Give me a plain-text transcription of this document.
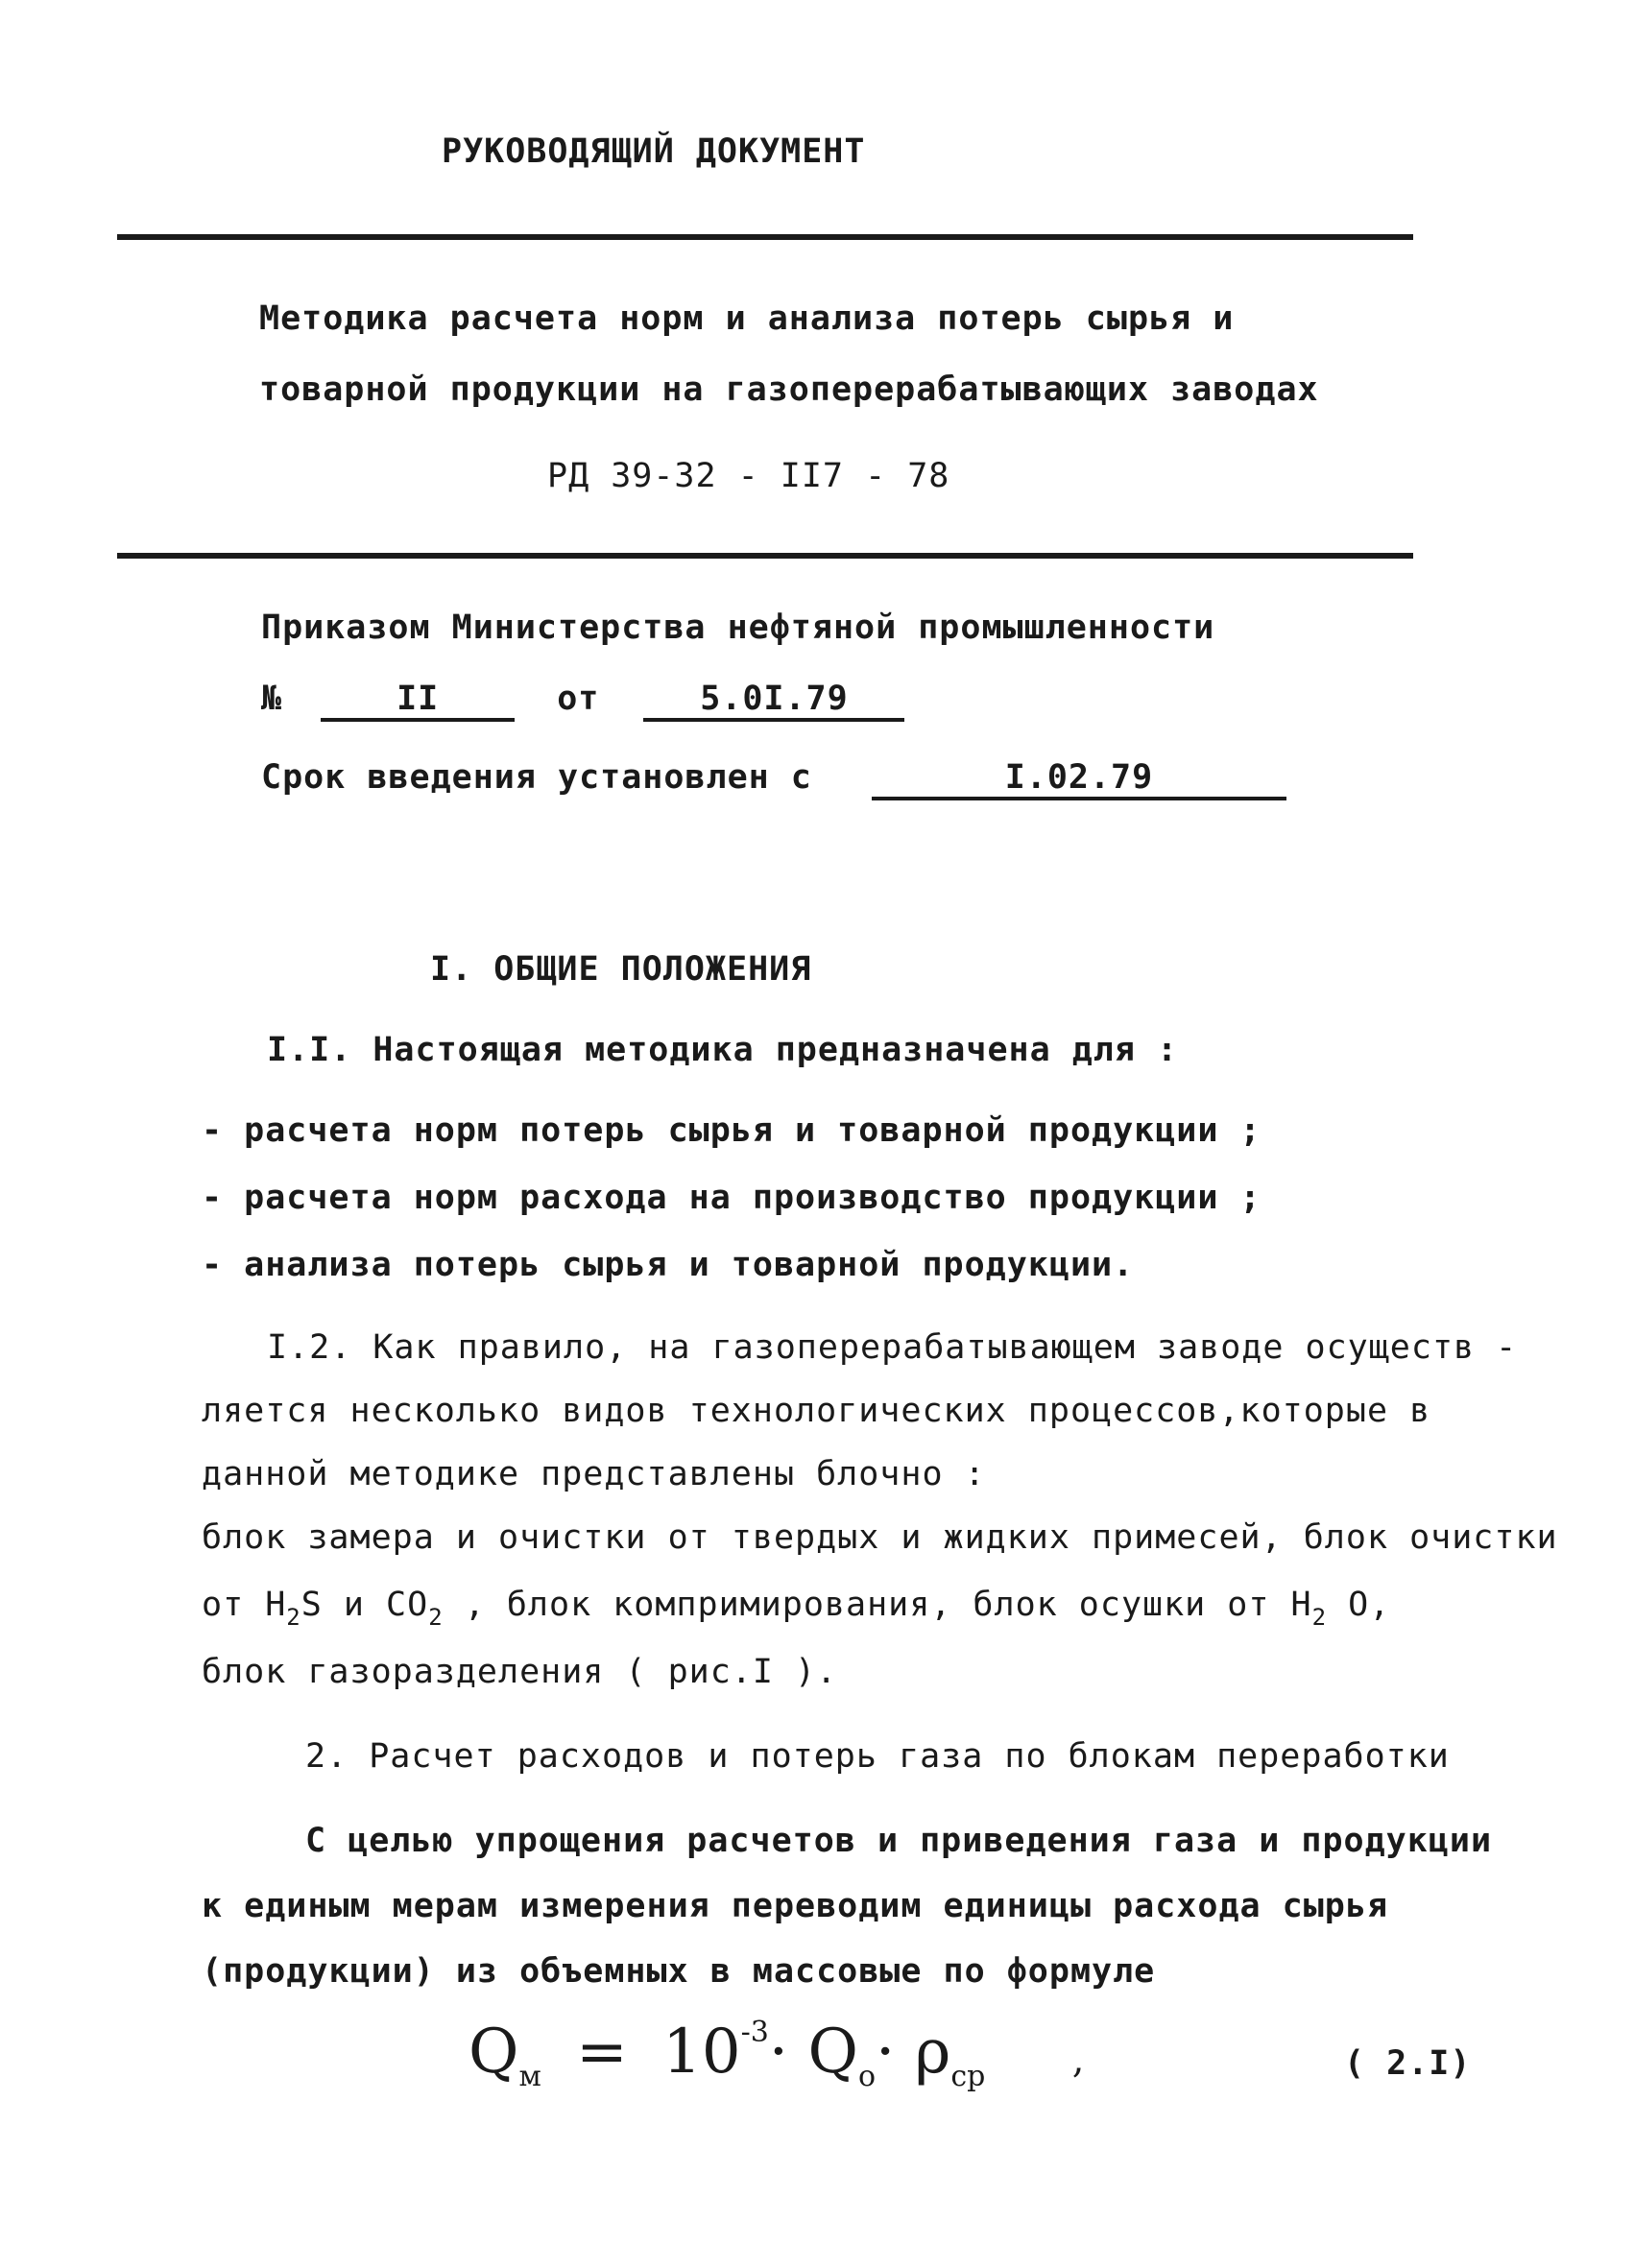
РУКОВОДЯЩИЙ ДОКУМЕНТ
Методика расчета норм и анализа потерь сырья и
товарной продукции на газоперерабатывающих заводах
РД 39-32 - II7 - 78
Приказом Министерства нефтяной промышленности
№	II	от	5.0I.79
Срок введения установлен с	I.02.79
I. ОБЩИЕ ПОЛОЖЕНИЯ
I.I. Настоящая методика предназначена для :
- расчета норм потерь сырья и товарной продукции ;
- расчета норм расхода на производство продукции ;
- анализа потерь сырья и товарной продукции.
I.2. Как правило, на газоперерабатывающем заводе осуществ -
ляется несколько видов технологических процессов,которые в
данной методике представлены блочно :
блок замера и очистки от твердых и жидких примесей, блок очистки
от $H_2S$ и $CO_2$ , блок компримирования, блок осушки от $H_2$ O,
блок газоразделения ( рис.I ).
2. Расчет расходов и потерь газа по блокам переработки
С целью упрощения расчетов и приведения газа и продукции
к единым мерам измерения переводим единицы расхода сырья
(продукции) из объемных в массовые по формуле
$Q_м = 10^{-3}\cdot Q_o\cdot \rho_{ср}$ ,	( 2.I)
